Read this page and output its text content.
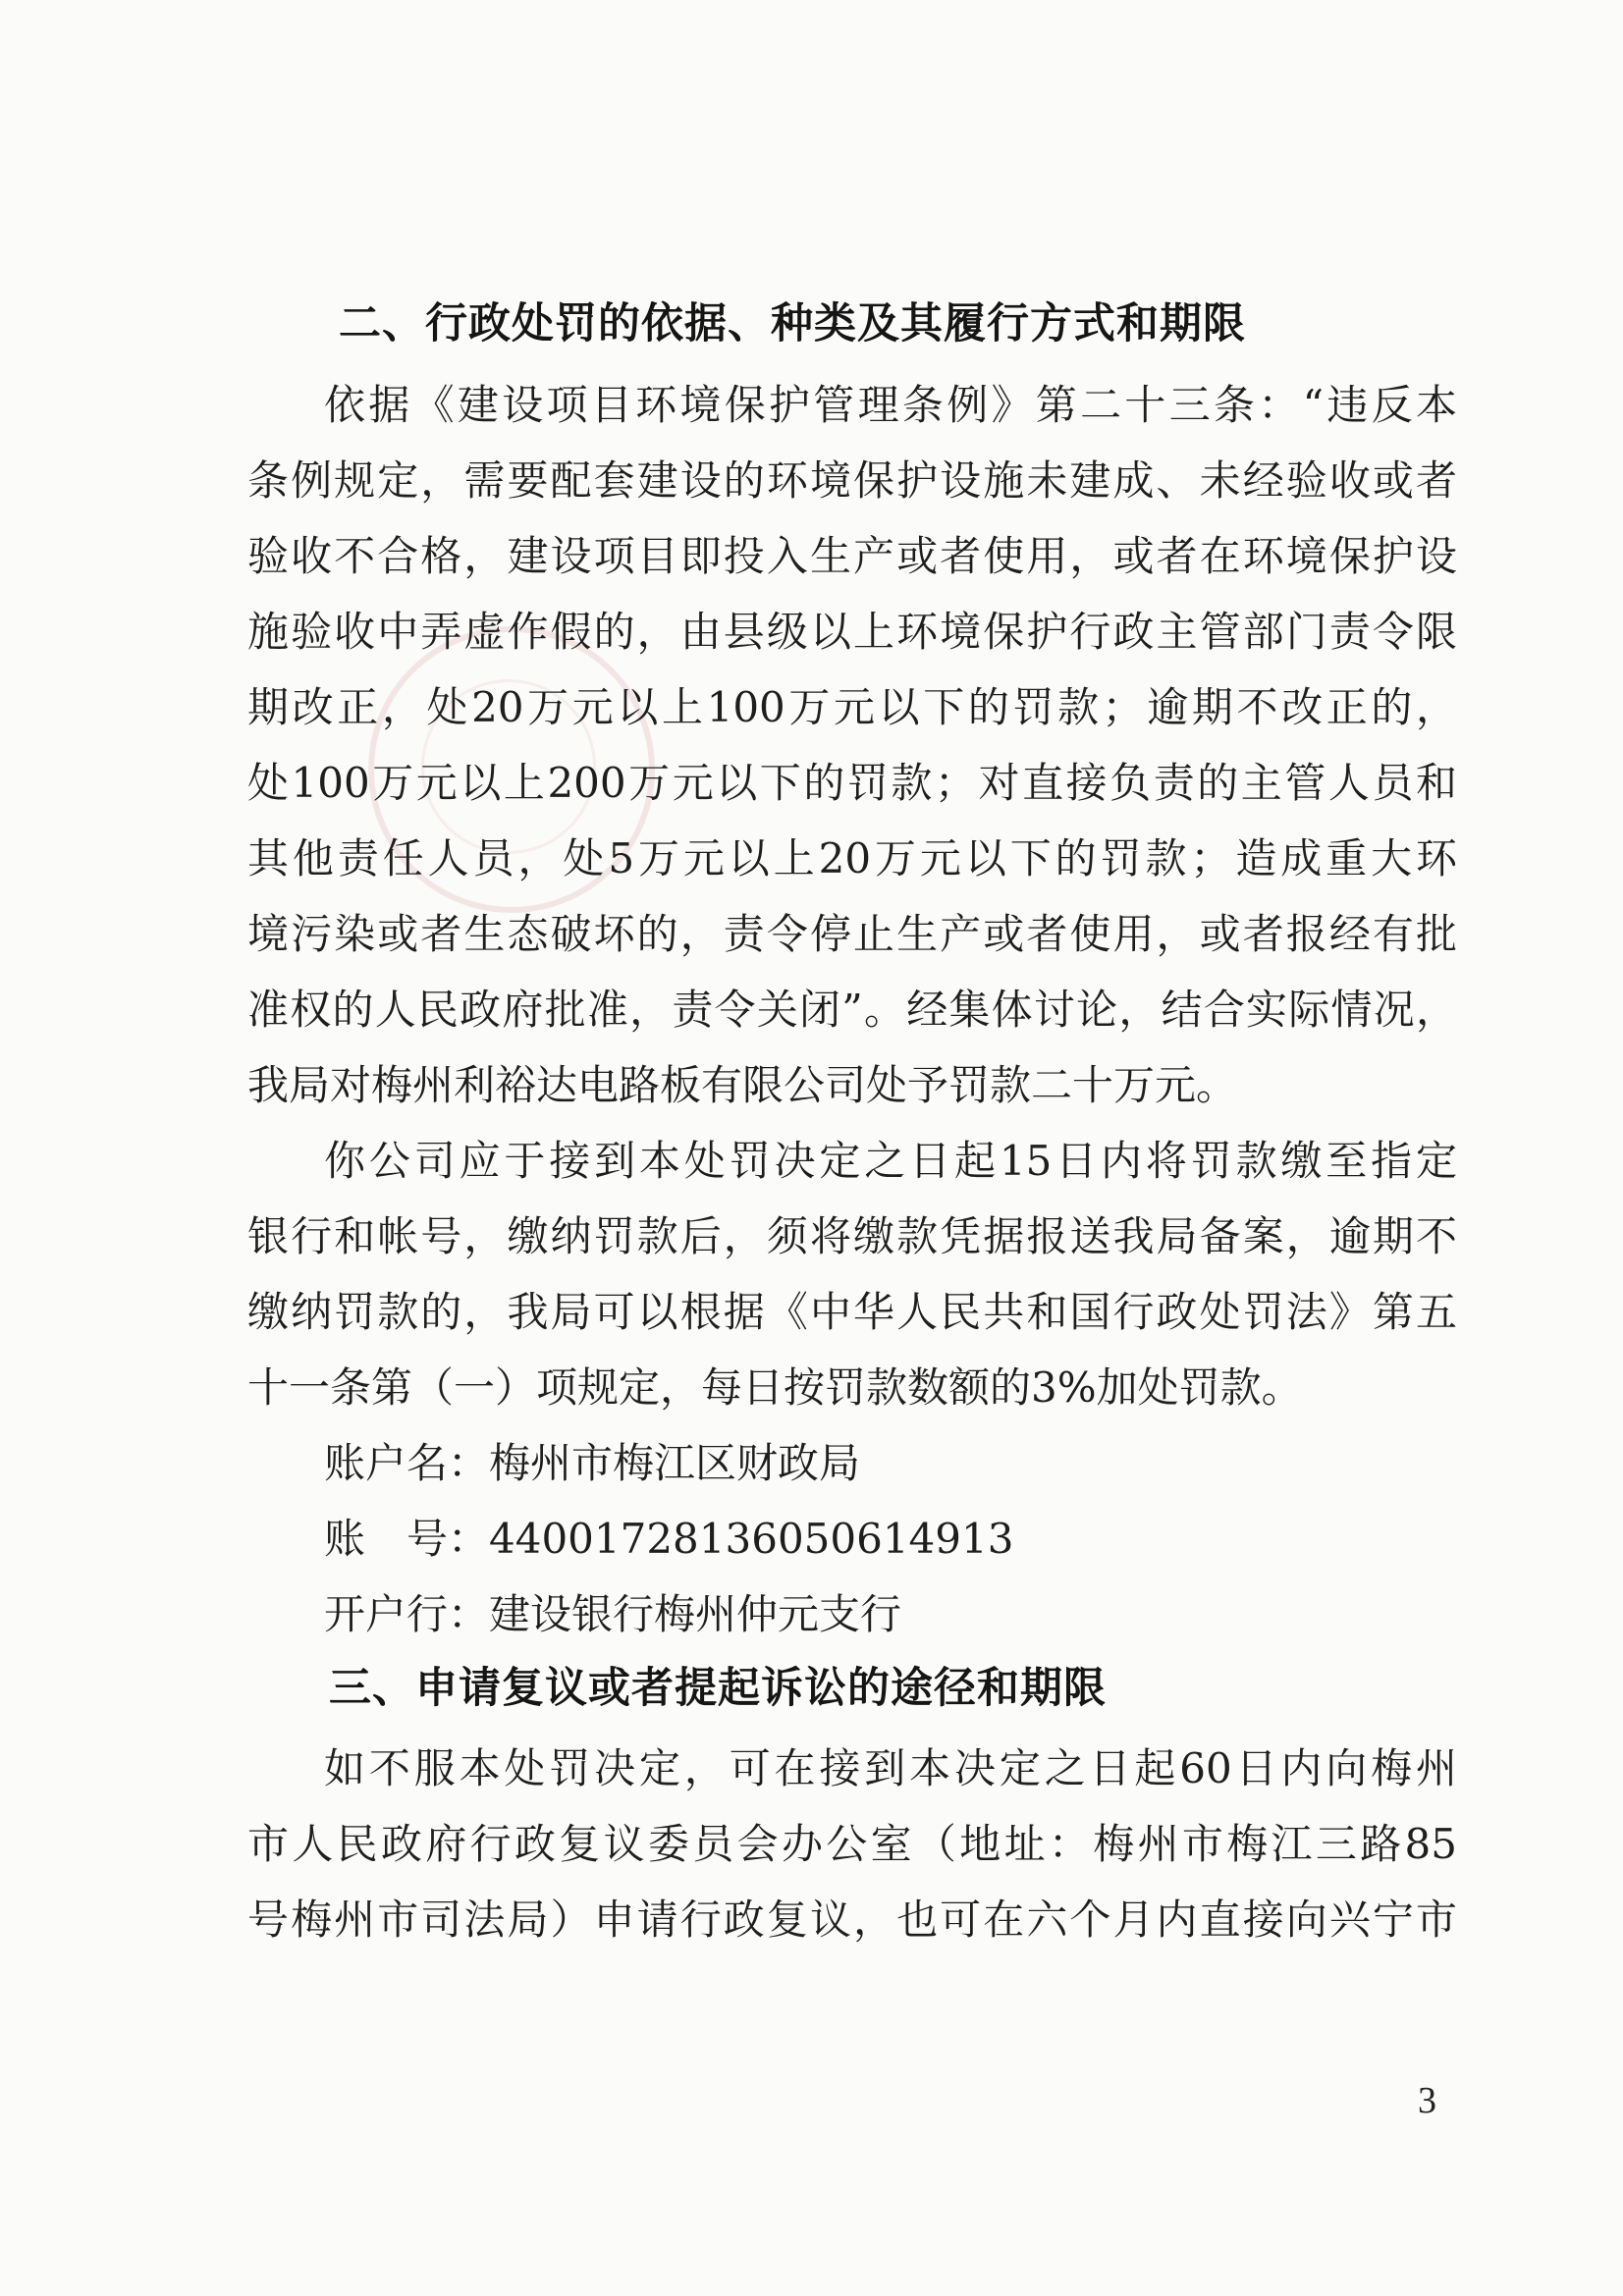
二、行政处罚的依据、种类及其履行方式和期限
依据《建设项目环境保护管理条例》第二十三条：“违反本
条例规定，需要配套建设的环境保护设施未建成、未经验收或者
验收不合格，建设项目即投入生产或者使用，或者在环境保护设
施验收中弄虚作假的，由县级以上环境保护行政主管部门责令限
期改正，处20万元以上100万元以下的罚款；逾期不改正的，
处100万元以上200万元以下的罚款；对直接负责的主管人员和
其他责任人员，处5万元以上20万元以下的罚款；造成重大环
境污染或者生态破坏的，责令停止生产或者使用，或者报经有批
准权的人民政府批准，责令关闭”。经集体讨论，结合实际情况，
我局对梅州利裕达电路板有限公司处予罚款二十万元。
你公司应于接到本处罚决定之日起15日内将罚款缴至指定
银行和帐号，缴纳罚款后，须将缴款凭据报送我局备案，逾期不
缴纳罚款的，我局可以根据《中华人民共和国行政处罚法》第五
十一条第（一）项规定，每日按罚款数额的3%加处罚款。
账户名：梅州市梅江区财政局
账　号：44001728136050614913
开户行：建设银行梅州仲元支行
三、申请复议或者提起诉讼的途径和期限
如不服本处罚决定，可在接到本决定之日起60日内向梅州
市人民政府行政复议委员会办公室（地址：梅州市梅江三路85
号梅州市司法局）申请行政复议，也可在六个月内直接向兴宁市
3
